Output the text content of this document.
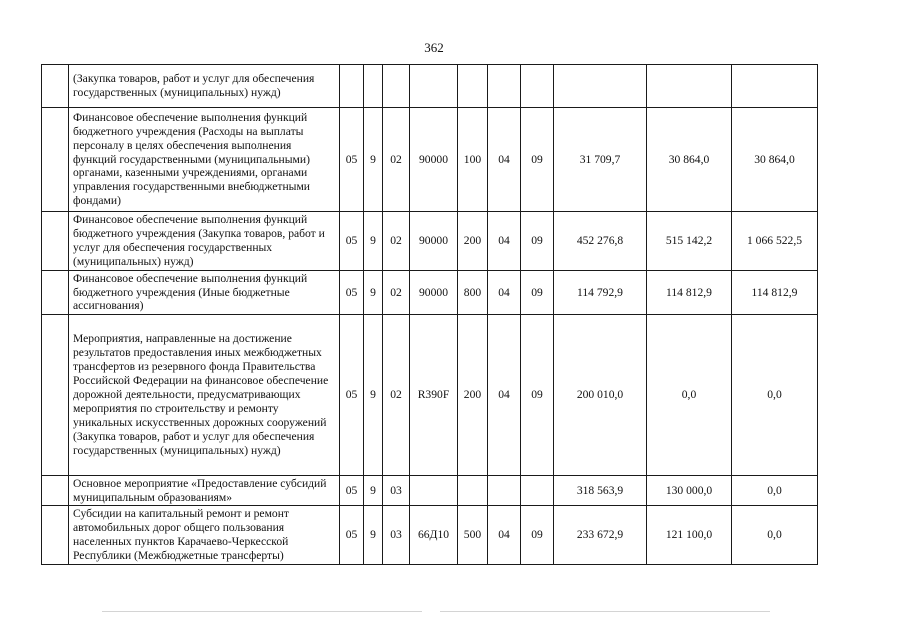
362
	(Закупка товаров, работ и услуг для обеспечения государственных (муниципальных) нужд)										
	Финансовое обеспечение выполнения функций бюджетного учреждения (Расходы на выплаты персоналу в целях обеспечения выполнения функций государственными (муниципальными) органами, казенными учреждениями, органами управления государственными внебюджетными фондами)	05	9	02	90000	100	04	09	31 709,7	30 864,0	30 864,0
	Финансовое обеспечение выполнения функций бюджетного учреждения (Закупка товаров, работ и услуг для обеспечения государственных (муниципальных) нужд)	05	9	02	90000	200	04	09	452 276,8	515 142,2	1 066 522,5
	Финансовое обеспечение выполнения функций бюджетного учреждения (Иные бюджетные ассигнования)	05	9	02	90000	800	04	09	114 792,9	114 812,9	114 812,9
	Мероприятия, направленные на достижение результатов предоставления иных межбюджетных трансфертов из резервного фонда Правительства Российской Федерации на финансовое обеспечение дорожной деятельности, предусматривающих мероприятия по строительству и ремонту уникальных искусственных дорожных сооружений (Закупка товаров, работ и услуг для обеспечения государственных (муниципальных) нужд)	05	9	02	R390F	200	04	09	200 010,0	0,0	0,0
	Основное мероприятие «Предоставление субсидий муниципальным образованиям»	05	9	03					318 563,9	130 000,0	0,0
	Субсидии на капитальный ремонт и ремонт автомобильных дорог общего пользования населенных пунктов Карачаево-Черкесской Республики (Межбюджетные трансферты)	05	9	03	66Д10	500	04	09	233 672,9	121 100,0	0,0
